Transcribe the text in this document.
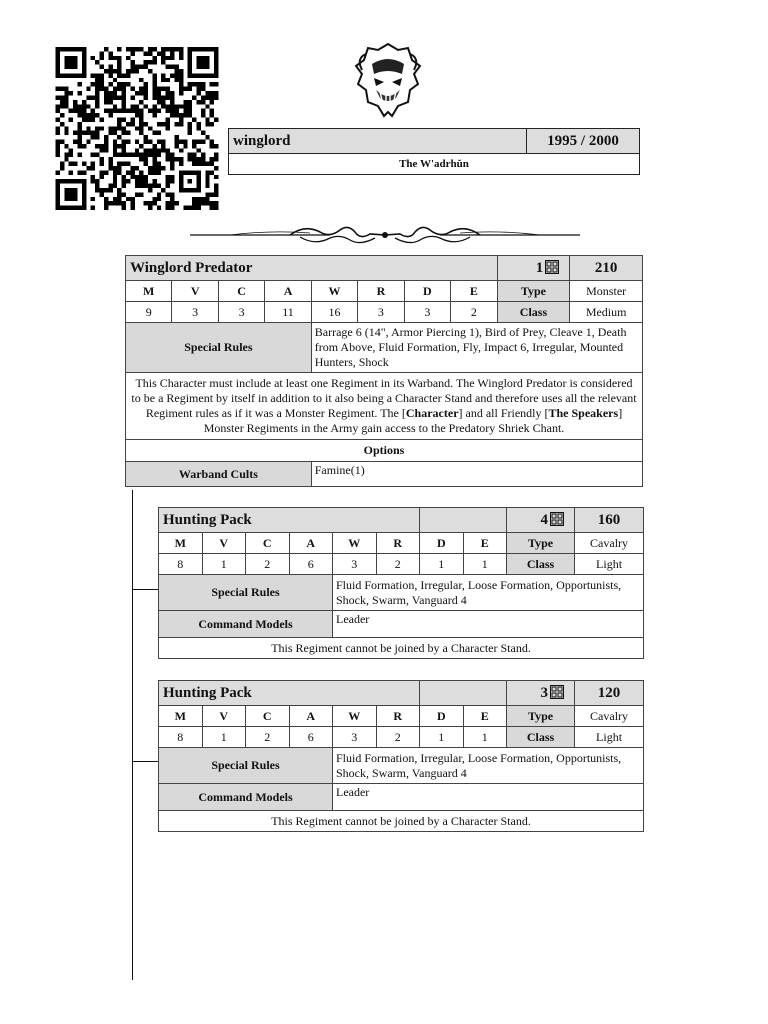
winglord	1995 / 2000
The W'adrhŭn
Winglord Predator								1	210
M	V	C	A	W	R	D	E	Type	Monster
9	3	3	11	16	3	3	2	Class	Medium
Special Rules				Barrage 6 (14", Armor Piercing 1), Bird of Prey, Cleave 1, Death from Above, Fluid Formation, Fly, Impact 6, Irregular, Mounted Hunters, Shock					
This Character must include at least one Regiment in its Warband. The Winglord Predator is considered to be a Regiment by itself in addition to it also being a Character Stand and therefore uses all the relevant Regiment rules as if it was a Monster Regiment. The [Character] and all Friendly [The Speakers] Monster Regiments in the Army gain access to the Predatory Shriek Chant.									
Options									
Warband Cults				Famine(1)					
Hunting Pack								4	160
M	V	C	A	W	R	D	E	Type	Cavalry
8	1	2	6	3	2	1	1	Class	Light
Special Rules				Fluid Formation, Irregular, Loose Formation, Opportunists, Shock, Swarm, Vanguard 4					
Command Models				Leader					
This Regiment cannot be joined by a Character Stand.									
Hunting Pack								3	120
M	V	C	A	W	R	D	E	Type	Cavalry
8	1	2	6	3	2	1	1	Class	Light
Special Rules				Fluid Formation, Irregular, Loose Formation, Opportunists, Shock, Swarm, Vanguard 4					
Command Models				Leader					
This Regiment cannot be joined by a Character Stand.									
